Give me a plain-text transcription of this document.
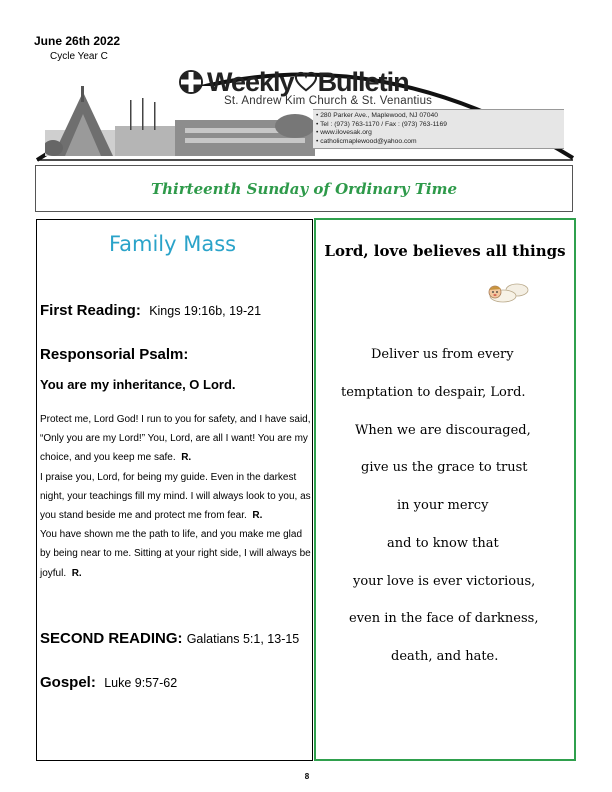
June 26th 2022
Cycle Year C
Weekly Bulletin
St. Andrew Kim Church & St. Venantius
• 280 Parker Ave., Maplewood, NJ 07040
• Tel : (973) 763-1170 / Fax : (973) 763-1169
• www.ilovesak.org
• catholicmaplewood@yahoo.com
Thirteenth Sunday of Ordinary Time
Family Mass
First Reading: Kings 19:16b, 19-21
Responsorial Psalm:
You are my inheritance, O Lord.
Protect me, Lord God! I run to you for safety, and I have said, “Only you are my Lord!” You, Lord, are all I want! You are my choice, and you keep me safe. R.
I praise you, Lord, for being my guide. Even in the darkest night, your teachings fill my mind. I will always look to you, as you stand beside me and protect me from fear. R.
You have shown me the path to life, and you make me glad by being near to me. Sitting at your right side, I will always be joyful. R.
SECOND READING: Galatians 5:1, 13-15
Gospel: Luke 9:57-62
Lord, love believes all things
Deliver us from every
temptation to despair, Lord.
When we are discouraged,
give us the grace to trust
in your mercy
and to know that
your love is ever victorious,
even in the face of darkness,
death, and hate.
8
